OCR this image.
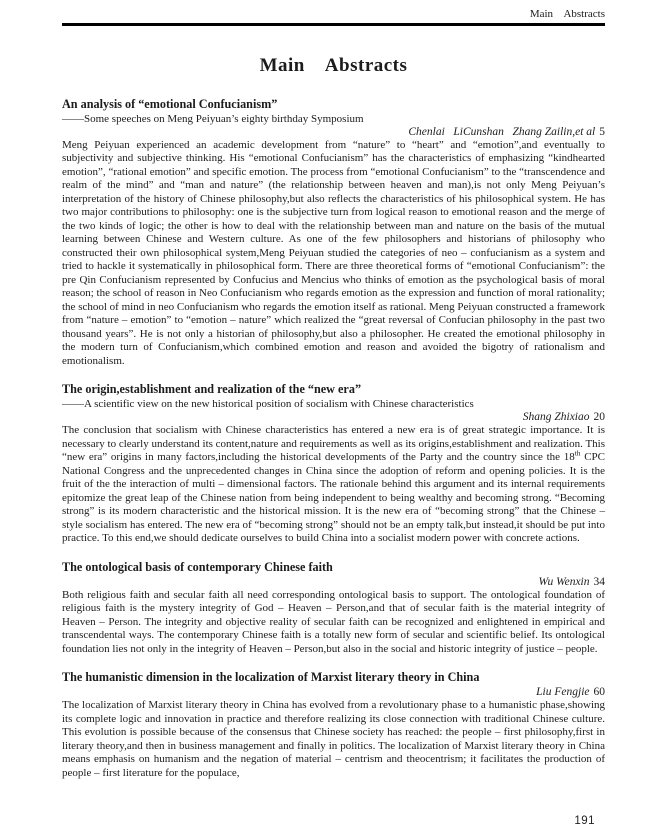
Main    Abstracts
Main    Abstracts
An analysis of “emotional Confucianism”
——Some speeches on Meng Peiyuan’s eighty birthday Symposium
Chenlai   LiCunshan   Zhang Zailin,et al 5

Meng Peiyuan experienced an academic development from “nature” to “heart” and “emotion”,and eventually to subjectivity and subjective thinking. His “emotional Confucianism” has the characteristics of emphasizing “kindhearted emotion”, “rational emotion” and specific emotion. The process from “emotional Confucianism” to the “transcendence and realm of the mind” and “man and nature” (the relationship between heaven and man),is not only Meng Peiyuan’s interpretation of the history of Chinese philosophy,but also reflects the characteristics of his philosophical system. He has two major contributions to philosophy: one is the subjective turn from logical reason to emotional reason and the merge of the two kinds of logic; the other is how to deal with the relationship between man and nature on the basis of the mutual learning between Chinese and Western culture. As one of the few philosophers and historians of philosophy who constructed their own philosophical system,Meng Peiyuan studied the categories of neo – confucianism as a system and tried to hackle it systematically in philosophical form. There are three theoretical forms of “emotional Confucianism”: the pre Qin Confucianism represented by Confucius and Mencius who thinks of emotion as the psychological basis of moral reason; the school of reason in Neo Confucianism who regards emotion as the expression and function of moral rationality; the school of mind in neo Confucianism who regards the emotion itself as rational. Meng Peiyuan constructed a framework from “nature – emotion” to “emotion – nature” which realized the “great reversal of Confucian philosophy in the past two thousand years”. He is not only a historian of philosophy,but also a philosopher. He created the emotional philosophy in the modern turn of Confucianism,which combined emotion and reason and avoided the bigotry of rationalism and emotionalism.

The origin,establishment and realization of the “new era”
——A scientific view on the new historical position of socialism with Chinese characteristics
Shang Zhixiao 20

The conclusion that socialism with Chinese characteristics has entered a new era is of great strategic importance. It is necessary to clearly understand its content,nature and requirements as well as its origins,establishment and realization. This “new era” origins in many factors,including the historical developments of the Party and the country since the 18th CPC National Congress and the unprecedented changes in China since the adoption of reform and opening policies. It is the fruit of the the interaction of multi – dimensional factors. The rationale behind this argument and its internal requirements epitomize the great leap of the Chinese nation from being independent to being wealthy and becoming strong. “Becoming strong” is its modern characteristic and the historical mission. It is the new era of “becoming strong” that the Chinese – style socialism has entered. The new era of “becoming strong” should not be an empty talk,but instead,it should be put into practice. To this end,we should dedicate ourselves to build China into a socialist modern power with concrete actions.

The ontological basis of contemporary Chinese faith
Wu Wenxin 34

Both religious faith and secular faith all need corresponding ontological basis to support. The ontological foundation of religious faith is the mystery integrity of God – Heaven – Person,and that of secular faith is the material integrity of Heaven – Person. The integrity and objective reality of secular faith can be recognized and enlightened in empirical and transcendental ways. The contemporary Chinese faith is a totally new form of secular and scientific belief. Its ontological foundation lies not only in the integrity of Heaven – Person,but also in the social and historic integrity of justice – people.

The humanistic dimension in the localization of Marxist literary theory in China
Liu Fengjie 60

The localization of Marxist literary theory in China has evolved from a revolutionary phase to a humanistic phase,showing its complete logic and innovation in practice and therefore realizing its close connection with traditional Chinese culture. This evolution is possible because of the consensus that Chinese society has reached: the people – first philosophy,first in literary theory,and then in business management and finally in politics. The localization of Marxist literary theory in China means emphasis on humanism and the negation of material – centrism and theocentrism; it facilitates the production of people – first literature for the populace,

191
